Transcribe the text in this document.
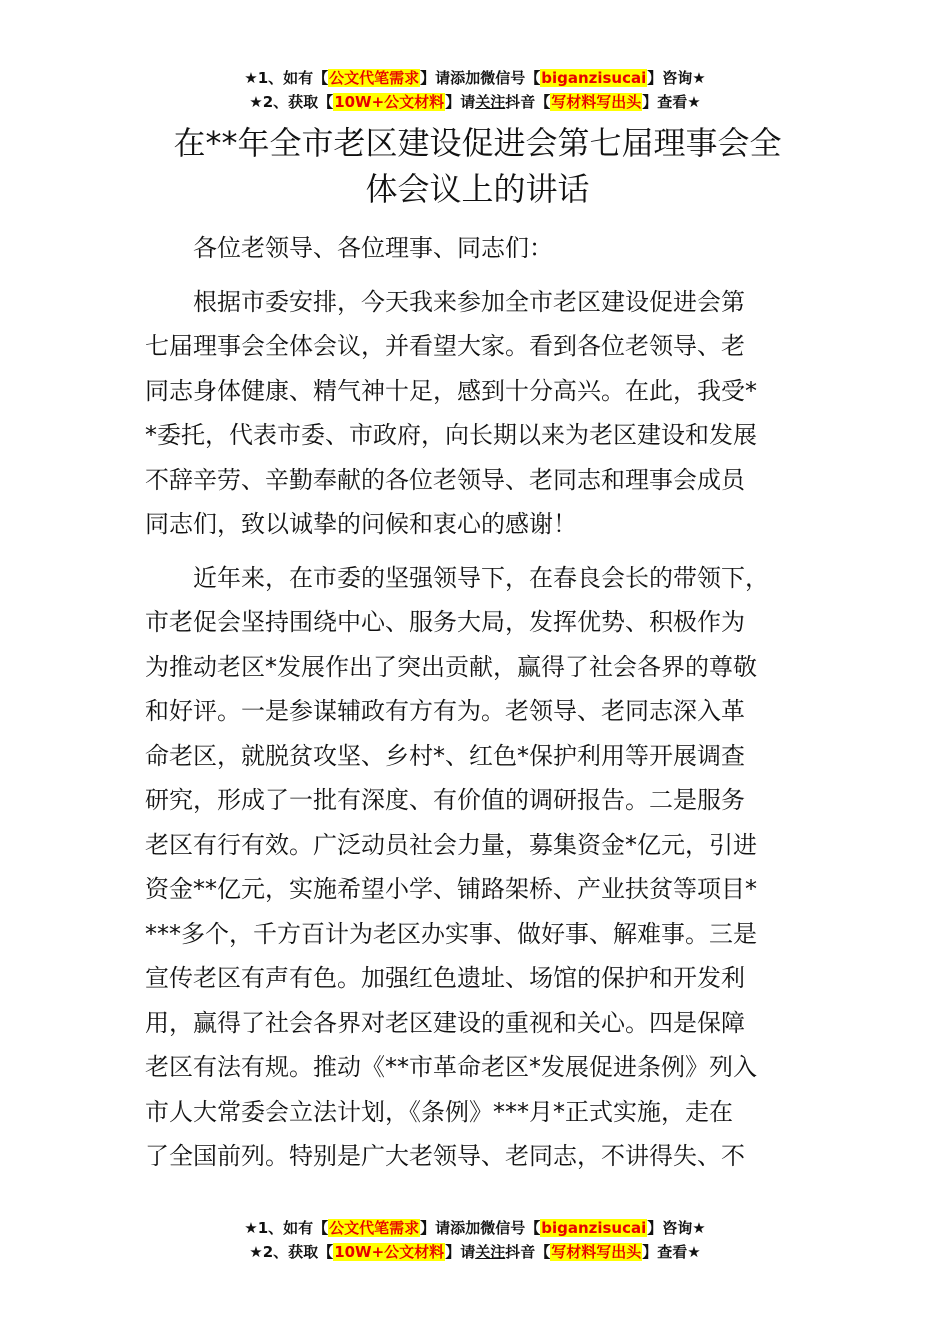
★1、如有【公文代笔需求】请添加微信号【biganzisucai】咨询★
★2、获取【10W+公文材料】请关注抖音【写材料写出头】查看★
在**年全市老区建设促进会第七届理事会全
体会议上的讲话

各位老领导、各位理事、同志们：

根据市委安排，今天我来参加全市老区建设促进会第
七届理事会全体会议，并看望大家。看到各位老领导、老
同志身体健康、精气神十足，感到十分高兴。在此，我受*
*委托，代表市委、市政府，向长期以来为老区建设和发展
不辞辛劳、辛勤奉献的各位老领导、老同志和理事会成员
同志们，致以诚挚的问候和衷心的感谢！

近年来，在市委的坚强领导下，在春良会长的带领下，
市老促会坚持围绕中心、服务大局，发挥优势、积极作为
为推动老区*发展作出了突出贡献，赢得了社会各界的尊敬
和好评。一是参谋辅政有方有为。老领导、老同志深入革
命老区，就脱贫攻坚、乡村*、红色*保护利用等开展调查
研究，形成了一批有深度、有价值的调研报告。二是服务
老区有行有效。广泛动员社会力量，募集资金*亿元，引进
资金**亿元，实施希望小学、铺路架桥、产业扶贫等项目*
***多个，千方百计为老区办实事、做好事、解难事。三是
宣传老区有声有色。加强红色遗址、场馆的保护和开发利
用，赢得了社会各界对老区建设的重视和关心。四是保障
老区有法有规。推动《**市革命老区*发展促进条例》列入
市人大常委会立法计划，《条例》***月*正式实施，走在
了全国前列。特别是广大老领导、老同志，不讲得失、不

★1、如有【公文代笔需求】请添加微信号【biganzisucai】咨询★
★2、获取【10W+公文材料】请关注抖音【写材料写出头】查看★
